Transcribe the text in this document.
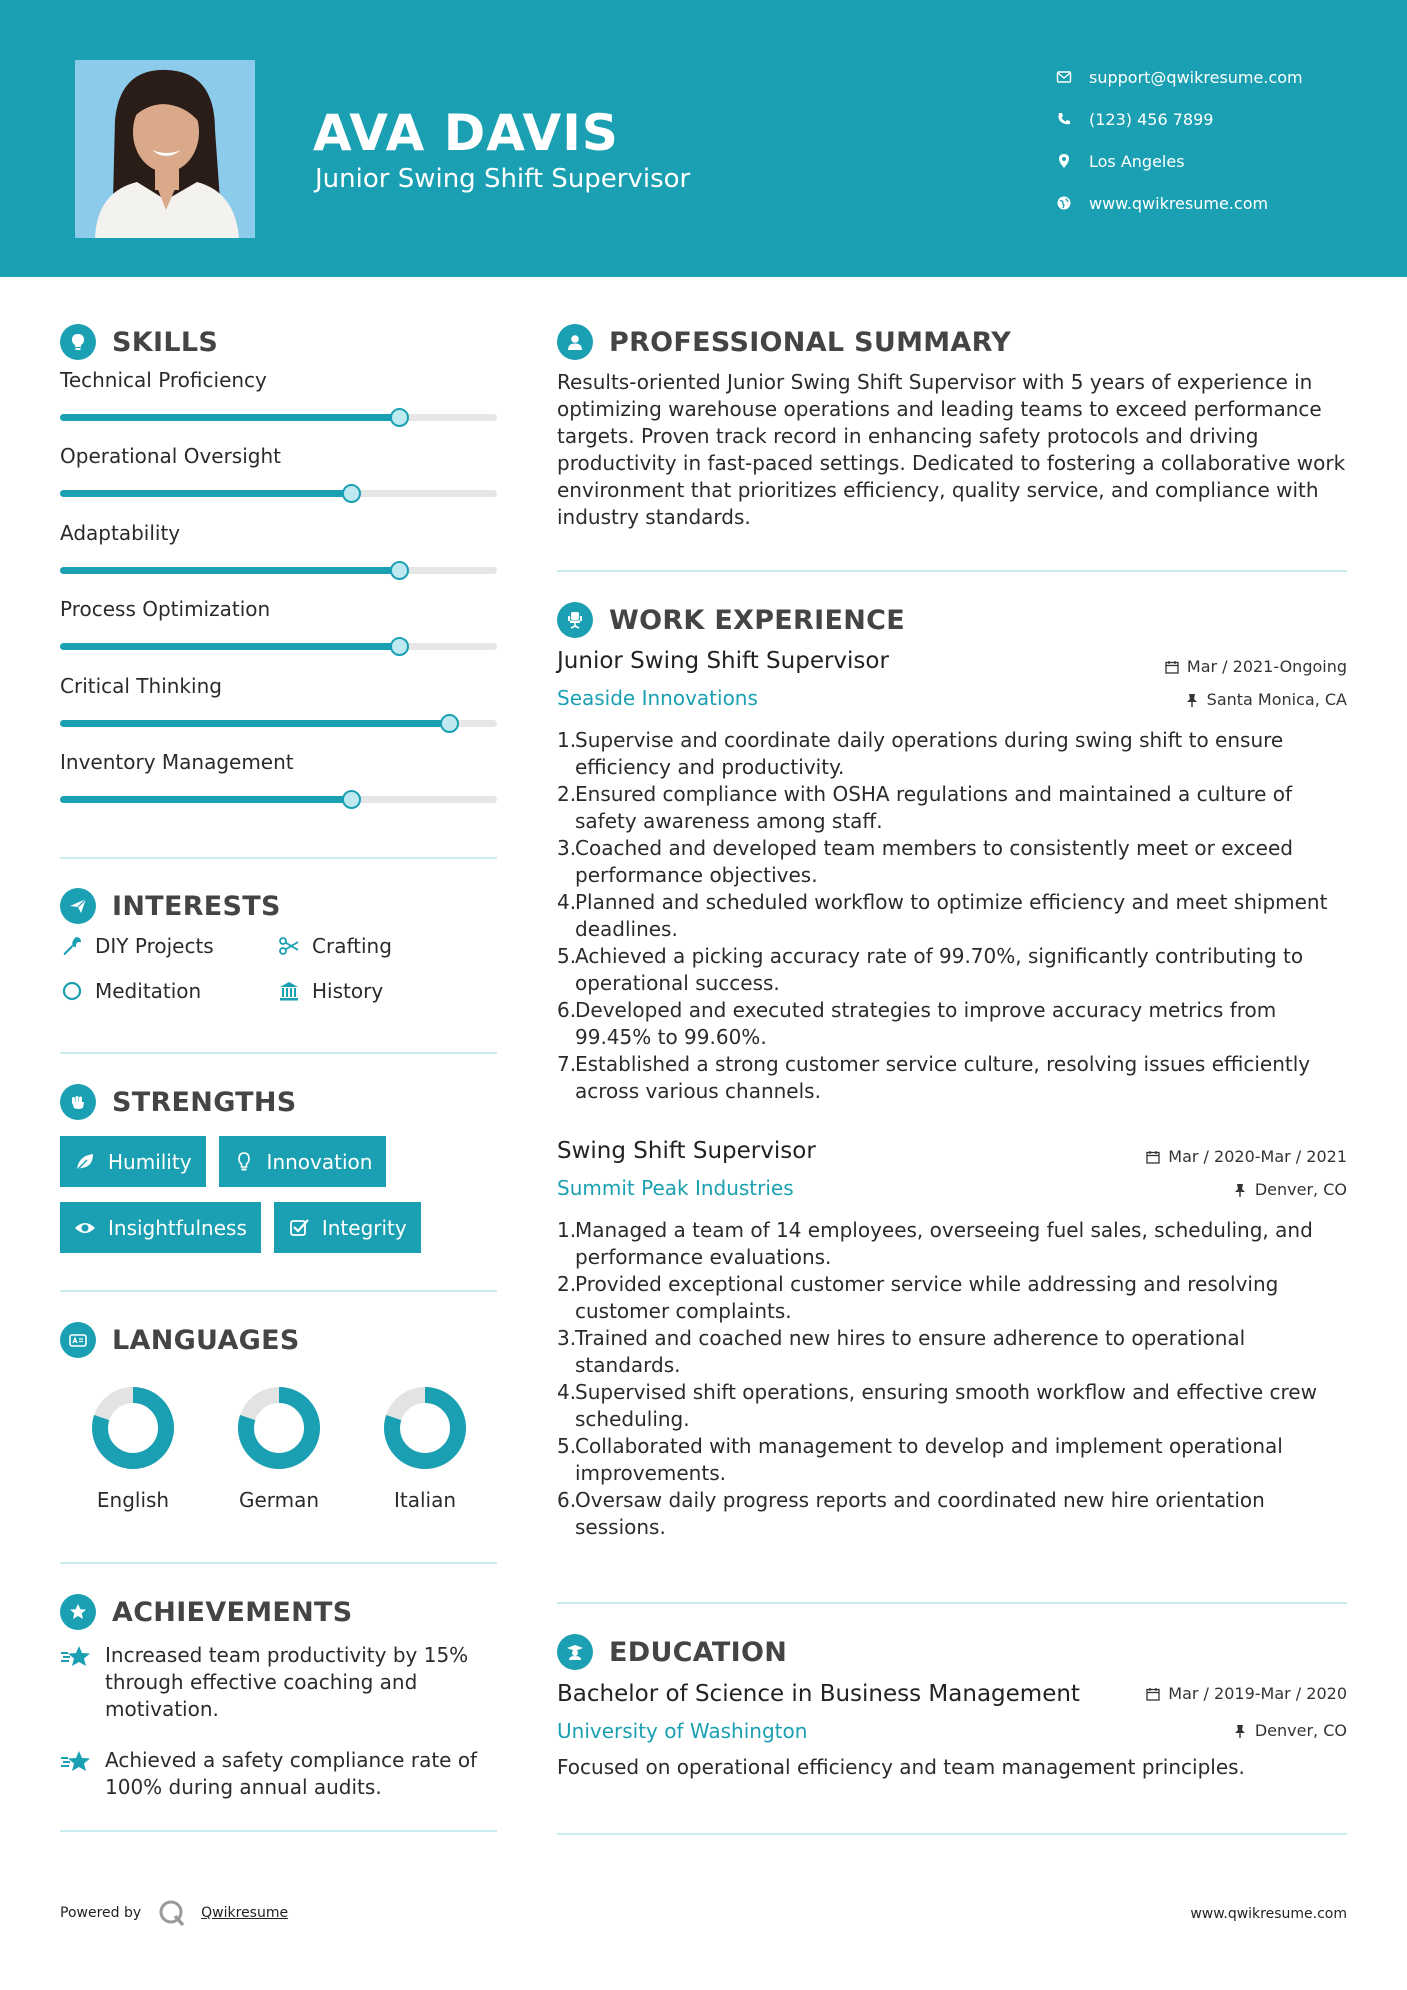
AVA DAVIS
Junior Swing Shift Supervisor
support@qwikresume.com
(123) 456 7899
Los Angeles
www.qwikresume.com
SKILLS
Technical Proficiency
Operational Oversight
Adaptability
Process Optimization
Critical Thinking
Inventory Management
INTERESTS
DIY Projects	Crafting
Meditation	History
STRENGTHS
Humility	Innovation
Insightfulness	Integrity
LANGUAGES
English	German	Italian
ACHIEVEMENTS
Increased team productivity by 15% through effective coaching and motivation.
Achieved a safety compliance rate of 100% during annual audits.
PROFESSIONAL SUMMARY
Results-oriented Junior Swing Shift Supervisor with 5 years of experience in optimizing warehouse operations and leading teams to exceed performance targets. Proven track record in enhancing safety protocols and driving productivity in fast-paced settings. Dedicated to fostering a collaborative work environment that prioritizes efficiency, quality service, and compliance with industry standards.
WORK EXPERIENCE
Junior Swing Shift Supervisor	Mar / 2021-Ongoing
Seaside Innovations	Santa Monica, CA
1.
Supervise and coordinate daily operations during swing shift to ensure efficiency and productivity.
2.
Ensured compliance with OSHA regulations and maintained a culture of safety awareness among staff.
3.
Coached and developed team members to consistently meet or exceed performance objectives.
4.
Planned and scheduled workflow to optimize efficiency and meet shipment deadlines.
5.
Achieved a picking accuracy rate of 99.70%, significantly contributing to operational success.
6.
Developed and executed strategies to improve accuracy metrics from 99.45% to 99.60%.
7.
Established a strong customer service culture, resolving issues efficiently across various channels.
Swing Shift Supervisor	Mar / 2020-Mar / 2021
Summit Peak Industries	Denver, CO
1.
Managed a team of 14 employees, overseeing fuel sales, scheduling, and performance evaluations.
2.
Provided exceptional customer service while addressing and resolving customer complaints.
3.
Trained and coached new hires to ensure adherence to operational standards.
4.
Supervised shift operations, ensuring smooth workflow and effective crew scheduling.
5.
Collaborated with management to develop and implement operational improvements.
6.
Oversaw daily progress reports and coordinated new hire orientation sessions.
EDUCATION
Bachelor of Science in Business Management	Mar / 2019-Mar / 2020
University of Washington	Denver, CO
Focused on operational efficiency and team management principles.
Powered by	Qwikresume	www.qwikresume.com
